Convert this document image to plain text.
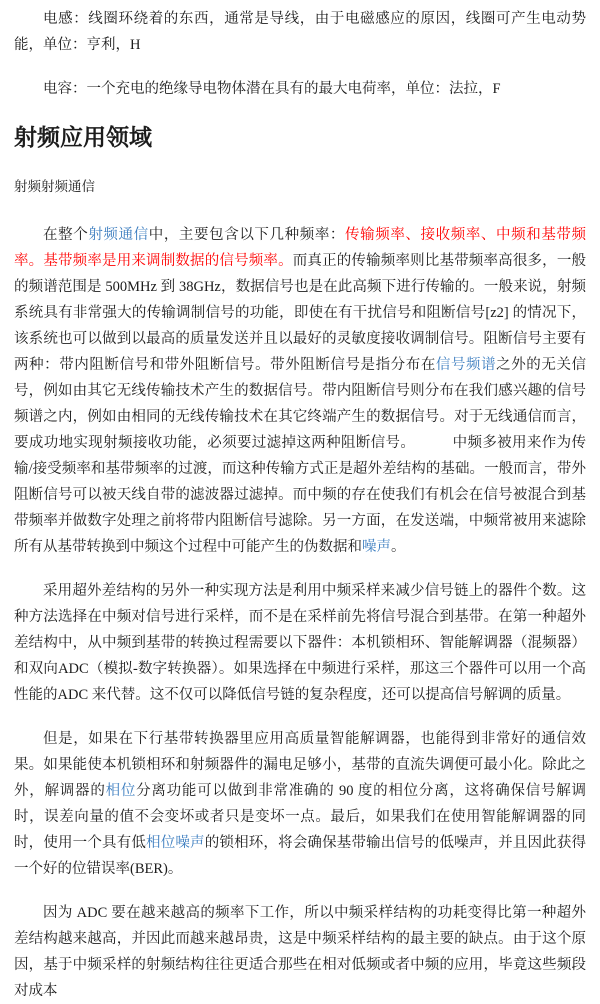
电感：线圈环绕着的东西，通常是导线，由于电磁感应的原因，线圈可产生电动势能，单位：亨利，H

电容：一个充电的绝缘导电物体潜在具有的最大电荷率，单位：法拉，F

射频应用领域

射频射频通信

在整个射频通信中，主要包含以下几种频率：传输频率、接收频率、中频和基带频率。基带频率是用来调制数据的信号频率。而真正的传输频率则比基带频率高很多，一般的频谱范围是 500MHz 到 38GHz，数据信号也是在此高频下进行传输的。一般来说，射频系统具有非常强大的传输调制信号的功能，即使在有干扰信号和阻断信号[z2] 的情况下，该系统也可以做到以最高的质量发送并且以最好的灵敏度接收调制信号。阻断信号主要有两种：带内阻断信号和带外阻断信号。带外阻断信号是指分布在信号频谱之外的无关信号，例如由其它无线传输技术产生的数据信号。带内阻断信号则分布在我们感兴趣的信号频谱之内，例如由相同的无线传输技术在其它终端产生的数据信号。对于无线通信而言，要成功地实现射频接收功能，必须要过滤掉这两种阻断信号。　　　中频多被用来作为传输/接受频率和基带频率的过渡，而这种传输方式正是超外差结构的基础。一般而言，带外阻断信号可以被天线自带的滤波器过滤掉。而中频的存在使我们有机会在信号被混合到基带频率并做数字处理之前将带内阻断信号滤除。另一方面，在发送端，中频常被用来滤除所有从基带转换到中频这个过程中可能产生的伪数据和噪声。

采用超外差结构的另外一种实现方法是利用中频采样来减少信号链上的器件个数。这种方法选择在中频对信号进行采样，而不是在采样前先将信号混合到基带。在第一种超外差结构中，从中频到基带的转换过程需要以下器件：本机锁相环、智能解调器（混频器）和双向ADC（模拟-数字转换器）。如果选择在中频进行采样，那这三个器件可以用一个高性能的ADC 来代替。这不仅可以降低信号链的复杂程度，还可以提高信号解调的质量。

但是，如果在下行基带转换器里应用高质量智能解调器，也能得到非常好的通信效果。如果能使本机锁相环和射频器件的漏电足够小，基带的直流失调便可最小化。除此之外，解调器的相位分离功能可以做到非常准确的 90 度的相位分离，这将确保信号解调时，误差向量的值不会变坏或者只是变坏一点。最后，如果我们在使用智能解调器的同时，使用一个具有低相位噪声的锁相环，将会确保基带输出信号的低噪声，并且因此获得一个好的位错误率(BER)。

因为 ADC 要在越来越高的频率下工作，所以中频采样结构的功耗变得比第一种超外差结构越来越高，并因此而越来越昂贵，这是中频采样结构的最主要的缺点。由于这个原因，基于中频采样的射频结构往往更适合那些在相对低频或者中频的应用，毕竟这些频段对成本
